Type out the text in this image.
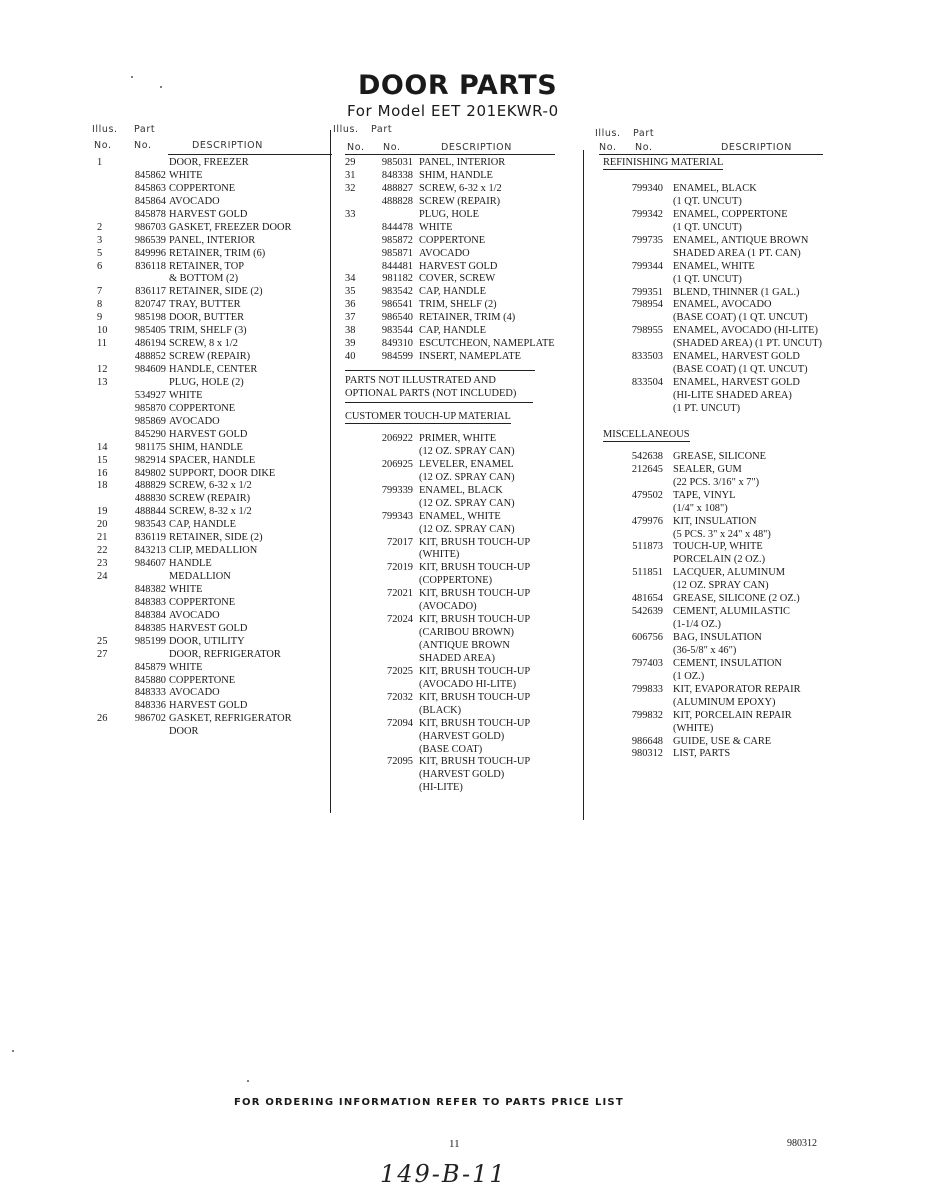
DOOR PARTS
For Model EET 201EKWR-0
Illus. Part
No. No.	DESCRIPTION
1	DOOR, FREEZER
845862 WHITE
845863 COPPERTONE
845864 AVOCADO
845878 HARVEST GOLD
2	986703 GASKET, FREEZER DOOR
3	986539 PANEL, INTERIOR
5	849996 RETAINER, TRIM (6)
6	836118 RETAINER, TOP
& BOTTOM (2)
7	836117 RETAINER, SIDE (2)
8	820747 TRAY, BUTTER
9	985198 DOOR, BUTTER
10	985405 TRIM, SHELF (3)
11	486194 SCREW, 8 x 1/2
488852 SCREW (REPAIR)
12	984609 HANDLE, CENTER
13	PLUG, HOLE (2)
534927 WHITE
985870 COPPERTONE
985869 AVOCADO
845290 HARVEST GOLD
14	981175 SHIM, HANDLE
15	982914 SPACER, HANDLE
16	849802 SUPPORT, DOOR DIKE
18	488829 SCREW, 6-32 x 1/2
488830 SCREW (REPAIR)
19	488844 SCREW, 8-32 x 1/2
20	983543 CAP, HANDLE
21	836119 RETAINER, SIDE (2)
22	843213 CLIP, MEDALLION
23	984607 HANDLE
24	MEDALLION
848382 WHITE
848383 COPPERTONE
848384 AVOCADO
848385 HARVEST GOLD
25	985199 DOOR, UTILITY
27	DOOR, REFRIGERATOR
845879 WHITE
845880 COPPERTONE
848333 AVOCADO
848336 HARVEST GOLD
26	986702 GASKET, REFRIGERATOR
DOOR
Illus. Part
No. No.	DESCRIPTION
29	985031 PANEL, INTERIOR
31	848338 SHIM, HANDLE
32	488827 SCREW, 6-32 x 1/2
488828 SCREW (REPAIR)
33	PLUG, HOLE
844478 WHITE
985872 COPPERTONE
985871 AVOCADO
844481 HARVEST GOLD
34	981182 COVER, SCREW
35	983542 CAP, HANDLE
36	986541 TRIM, SHELF (2)
37	986540 RETAINER, TRIM (4)
38	983544 CAP, HANDLE
39	849310 ESCUTCHEON, NAMEPLATE
40	984599 INSERT, NAMEPLATE
PARTS NOT ILLUSTRATED AND
OPTIONAL PARTS (NOT INCLUDED)
CUSTOMER TOUCH-UP MATERIAL
206922 PRIMER, WHITE
(12 OZ. SPRAY CAN)
206925 LEVELER, ENAMEL
(12 OZ. SPRAY CAN)
799339 ENAMEL, BLACK
(12 OZ. SPRAY CAN)
799343 ENAMEL, WHITE
(12 OZ. SPRAY CAN)
72017 KIT, BRUSH TOUCH-UP
(WHITE)
72019 KIT, BRUSH TOUCH-UP
(COPPERTONE)
72021 KIT, BRUSH TOUCH-UP
(AVOCADO)
72024 KIT, BRUSH TOUCH-UP
(CARIBOU BROWN)
(ANTIQUE BROWN
SHADED AREA)
72025 KIT, BRUSH TOUCH-UP
(AVOCADO HI-LITE)
72032 KIT, BRUSH TOUCH-UP
(BLACK)
72094 KIT, BRUSH TOUCH-UP
(HARVEST GOLD)
(BASE COAT)
72095 KIT, BRUSH TOUCH-UP
(HARVEST GOLD)
(HI-LITE)
Illus. Part
No. No.	DESCRIPTION
REFINISHING MATERIAL
799340 ENAMEL, BLACK
(1 QT. UNCUT)
799342 ENAMEL, COPPERTONE
(1 QT. UNCUT)
799735 ENAMEL, ANTIQUE BROWN
SHADED AREA (1 PT. CAN)
799344 ENAMEL, WHITE
(1 QT. UNCUT)
799351 BLEND, THINNER (1 GAL.)
798954 ENAMEL, AVOCADO
(BASE COAT) (1 QT. UNCUT)
798955 ENAMEL, AVOCADO (HI-LITE)
(SHADED AREA) (1 PT. UNCUT)
833503 ENAMEL, HARVEST GOLD
(BASE COAT) (1 QT. UNCUT)
833504 ENAMEL, HARVEST GOLD
(HI-LITE SHADED AREA)
(1 PT. UNCUT)
MISCELLANEOUS
542638 GREASE, SILICONE
212645 SEALER, GUM
(22 PCS. 3/16" x 7")
479502 TAPE, VINYL
(1/4" x 108")
479976 KIT, INSULATION
(5 PCS. 3" x 24" x 48")
511873 TOUCH-UP, WHITE
PORCELAIN (2 OZ.)
511851 LACQUER, ALUMINUM
(12 OZ. SPRAY CAN)
481654 GREASE, SILICONE (2 OZ.)
542639 CEMENT, ALUMILASTIC
(1-1/4 OZ.)
606756 BAG, INSULATION
(36-5/8" x 46")
797403 CEMENT, INSULATION
(1 OZ.)
799833 KIT, EVAPORATOR REPAIR
(ALUMINUM EPOXY)
799832 KIT, PORCELAIN REPAIR
(WHITE)
986648 GUIDE, USE & CARE
980312 LIST, PARTS
FOR ORDERING INFORMATION REFER TO PARTS PRICE LIST
11	980312
149-B-11
